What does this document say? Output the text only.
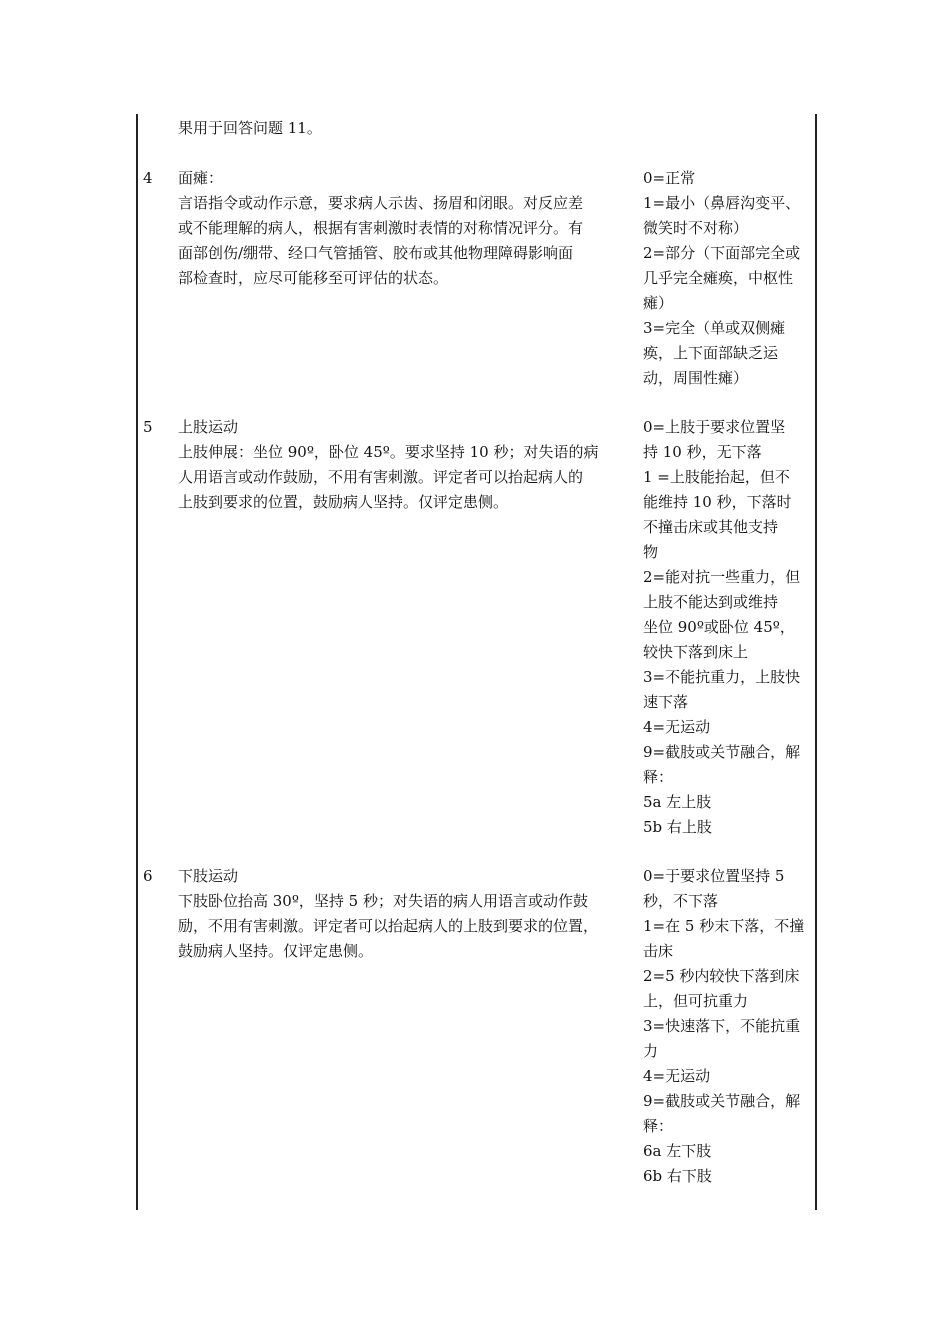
果用于回答问题 11。
4 面瘫：
言语指令或动作示意，要求病人示齿、扬眉和闭眼。对反应差
或不能理解的病人，根据有害刺激时表情的对称情况评分。有
面部创伤/绷带、经口气管插管、胶布或其他物理障碍影响面
部检查时，应尽可能移至可评估的状态。
0=正常
1=最小（鼻唇沟变平、
微笑时不对称）
2=部分（下面部完全或
几乎完全瘫痪，中枢性
瘫）
3=完全（单或双侧瘫
痪，上下面部缺乏运
动，周围性瘫）
5 上肢运动
上肢伸展：坐位 90º，卧位 45º。要求坚持 10 秒；对失语的病
人用语言或动作鼓励，不用有害刺激。评定者可以抬起病人的
上肢到要求的位置，鼓励病人坚持。仅评定患侧。
0=上肢于要求位置坚
持 10 秒，无下落
1 =上肢能抬起，但不
能维持 10 秒，下落时
不撞击床或其他支持
物
2=能对抗一些重力，但
上肢不能达到或维持
坐位 90º或卧位 45º，
较快下落到床上
3=不能抗重力，上肢快
速下落
4=无运动
9=截肢或关节融合，解
释：
5a 左上肢
5b 右上肢
6 下肢运动
下肢卧位抬高 30º，坚持 5 秒；对失语的病人用语言或动作鼓
励，不用有害刺激。评定者可以抬起病人的上肢到要求的位置，
鼓励病人坚持。仅评定患侧。
0=于要求位置坚持 5
秒，不下落
1=在 5 秒末下落，不撞
击床
2=5 秒内较快下落到床
上，但可抗重力
3=快速落下，不能抗重
力
4=无运动
9=截肢或关节融合，解
释：
6a 左下肢
6b 右下肢
